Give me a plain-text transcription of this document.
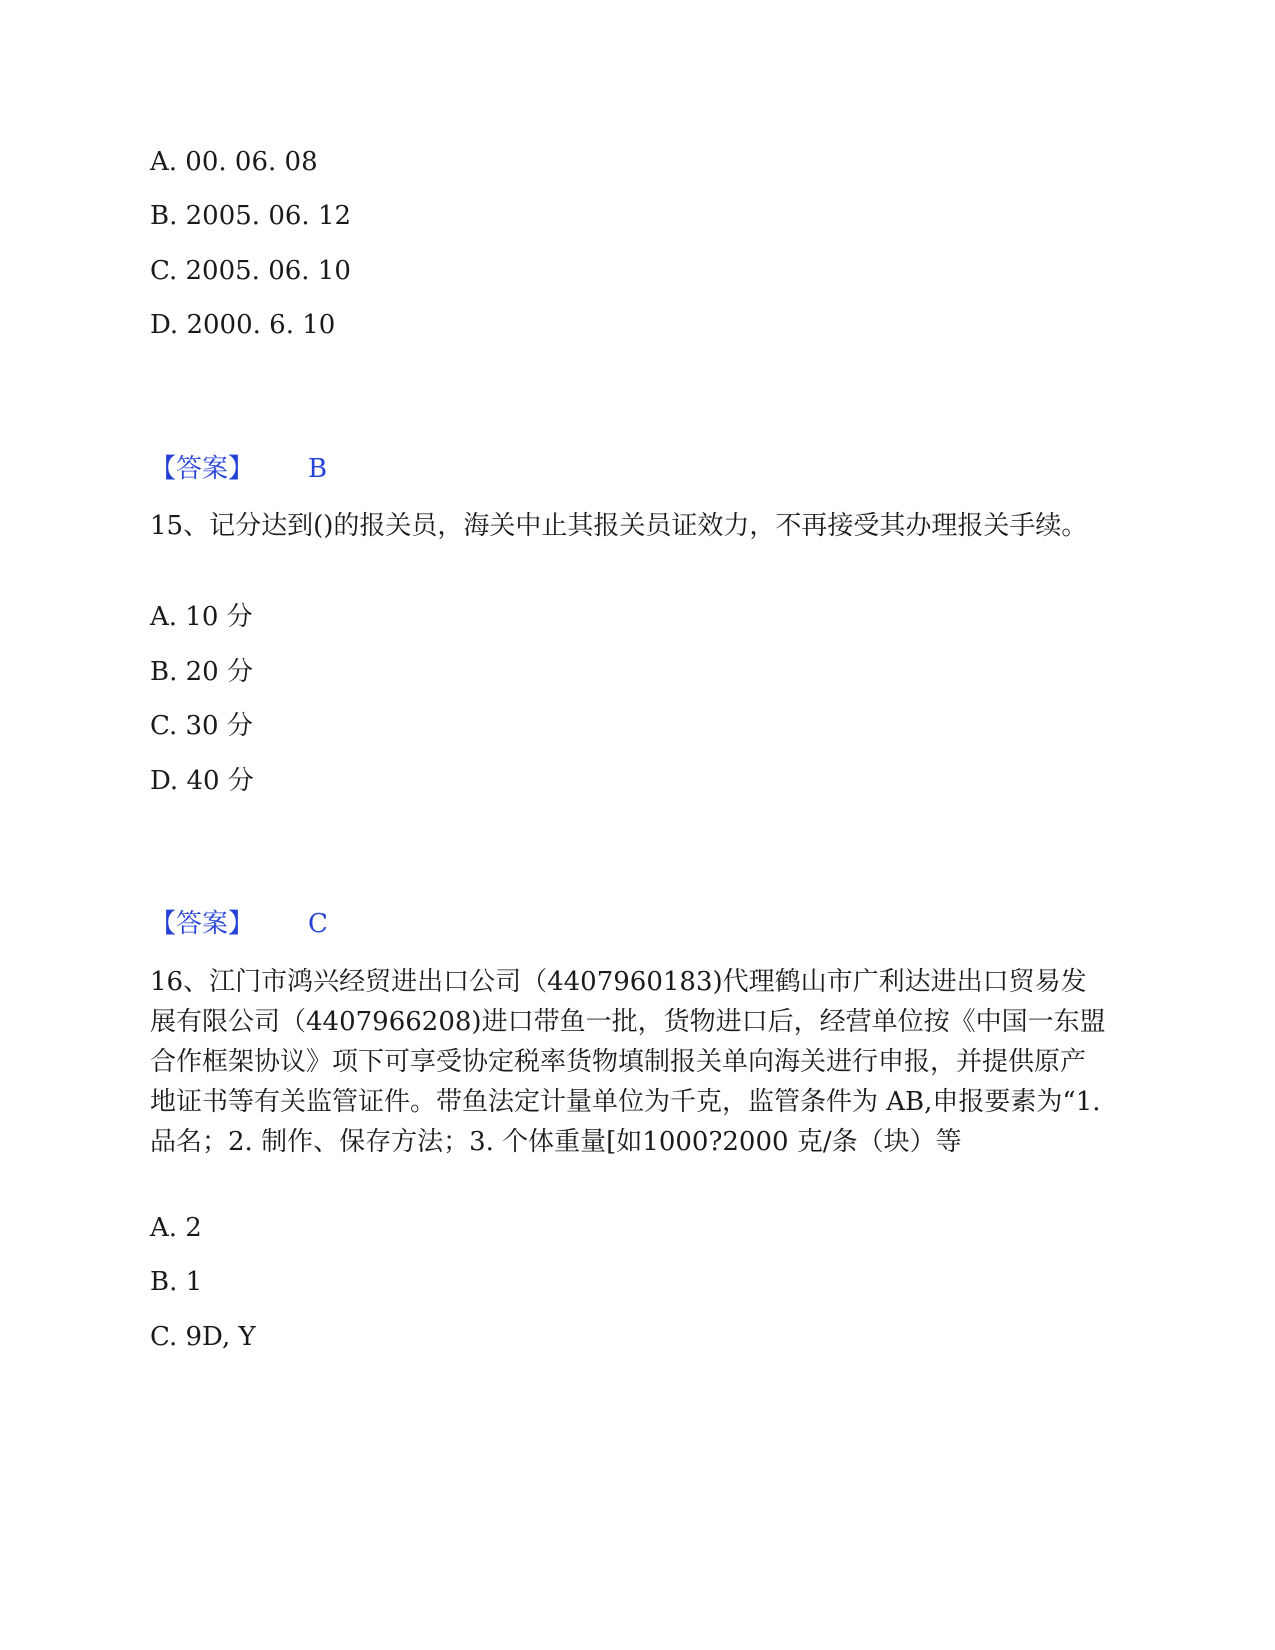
A. 00. 06. 08
B. 2005. 06. 12
C. 2005. 06. 10
D. 2000. 6. 10
【答案】 B
15、记分达到()的报关员，海关中止其报关员证效力，不再接受其办理报关手续。
A. 10 分
B. 20 分
C. 30 分
D. 40 分
【答案】 C
16、江门市鸿兴经贸进出口公司（4407960183)代理鹤山市广利达进出口贸易发展有限公司（4407966208)进口带鱼一批，货物进口后，经营单位按《中国一东盟合作框架协议》项下可享受协定税率货物填制报关单向海关进行申报，并提供原产地证书等有关监管证件。带鱼法定计量单位为千克，监管条件为 AB,申报要素为“1. 品名；2. 制作、保存方法；3. 个体重量[如1000?2000 克/条（块）等
A. 2
B. 1
C. 9D, Y
